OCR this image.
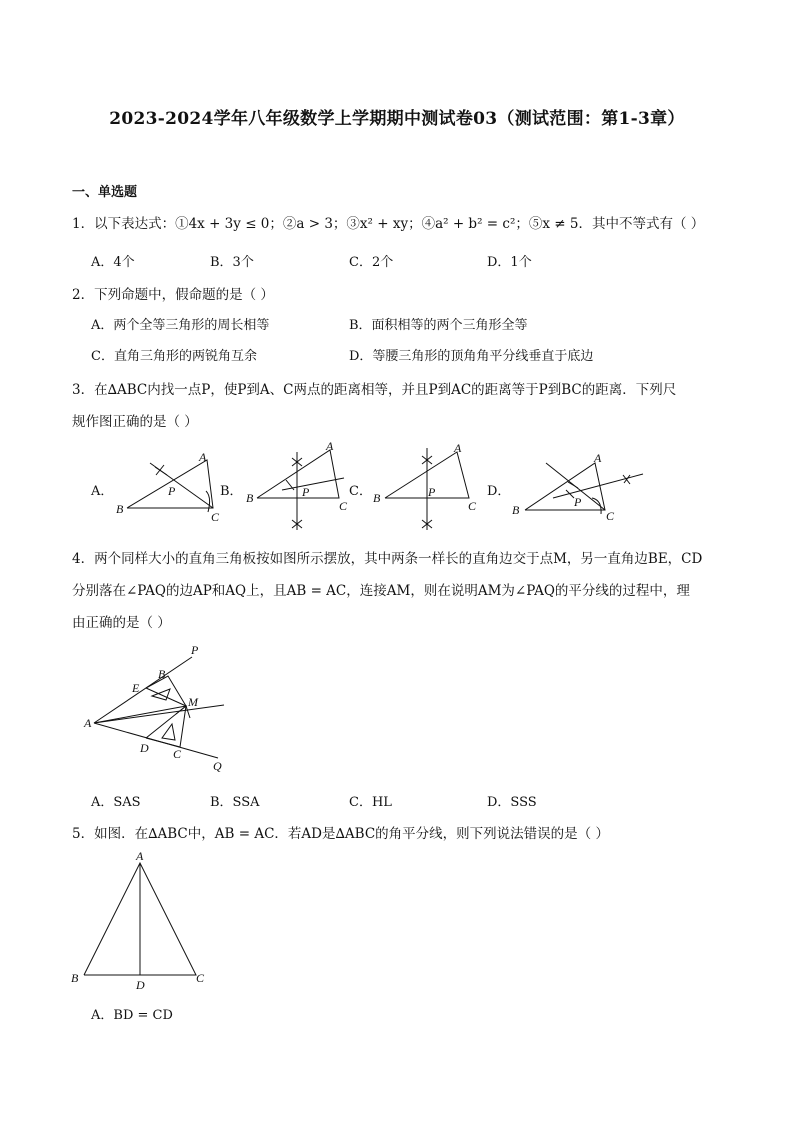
2023-2024学年八年级数学上学期期中测试卷03（测试范围：第1-3章）
一、单选题
1．以下表达式：①4x + 3y ≤ 0；②a > 3；③x² + xy；④a² + b² = c²；⑤x ≠ 5．其中不等式有（ ）
A．4个	B．3个	C．2个	D．1个
2．下列命题中，假命题的是（ ）
A．两个全等三角形的周长相等	B．面积相等的两个三角形全等
C．直角三角形的两锐角互余	D．等腰三角形的顶角角平分线垂直于底边
3．在∆ABC内找一点P，使P到A、C两点的距离相等，并且P到AC的距离等于P到BC的距离．下列尺
规作图正确的是（ ）
A．	B．	C．	D．
A
B
C
P
A
B
C
P
A
B
C
P
A
B	C
P
4．两个同样大小的直角三角板按如图所示摆放，其中两条一样长的直角边交于点M，另一直角边BE，CD
分别落在∠PAQ的边AP和AQ上，且AB = AC，连接AM，则在说明AM为∠PAQ的平分线的过程中，理
由正确的是（ ）
P
B
E
M
A
D C
Q
A．SAS	B．SSA	C．HL	D．SSS
5．如图．在∆ABC中，AB = AC．若AD是∆ABC的角平分线，则下列说法错误的是（ ）
A
B	D	C
A．BD = CD
